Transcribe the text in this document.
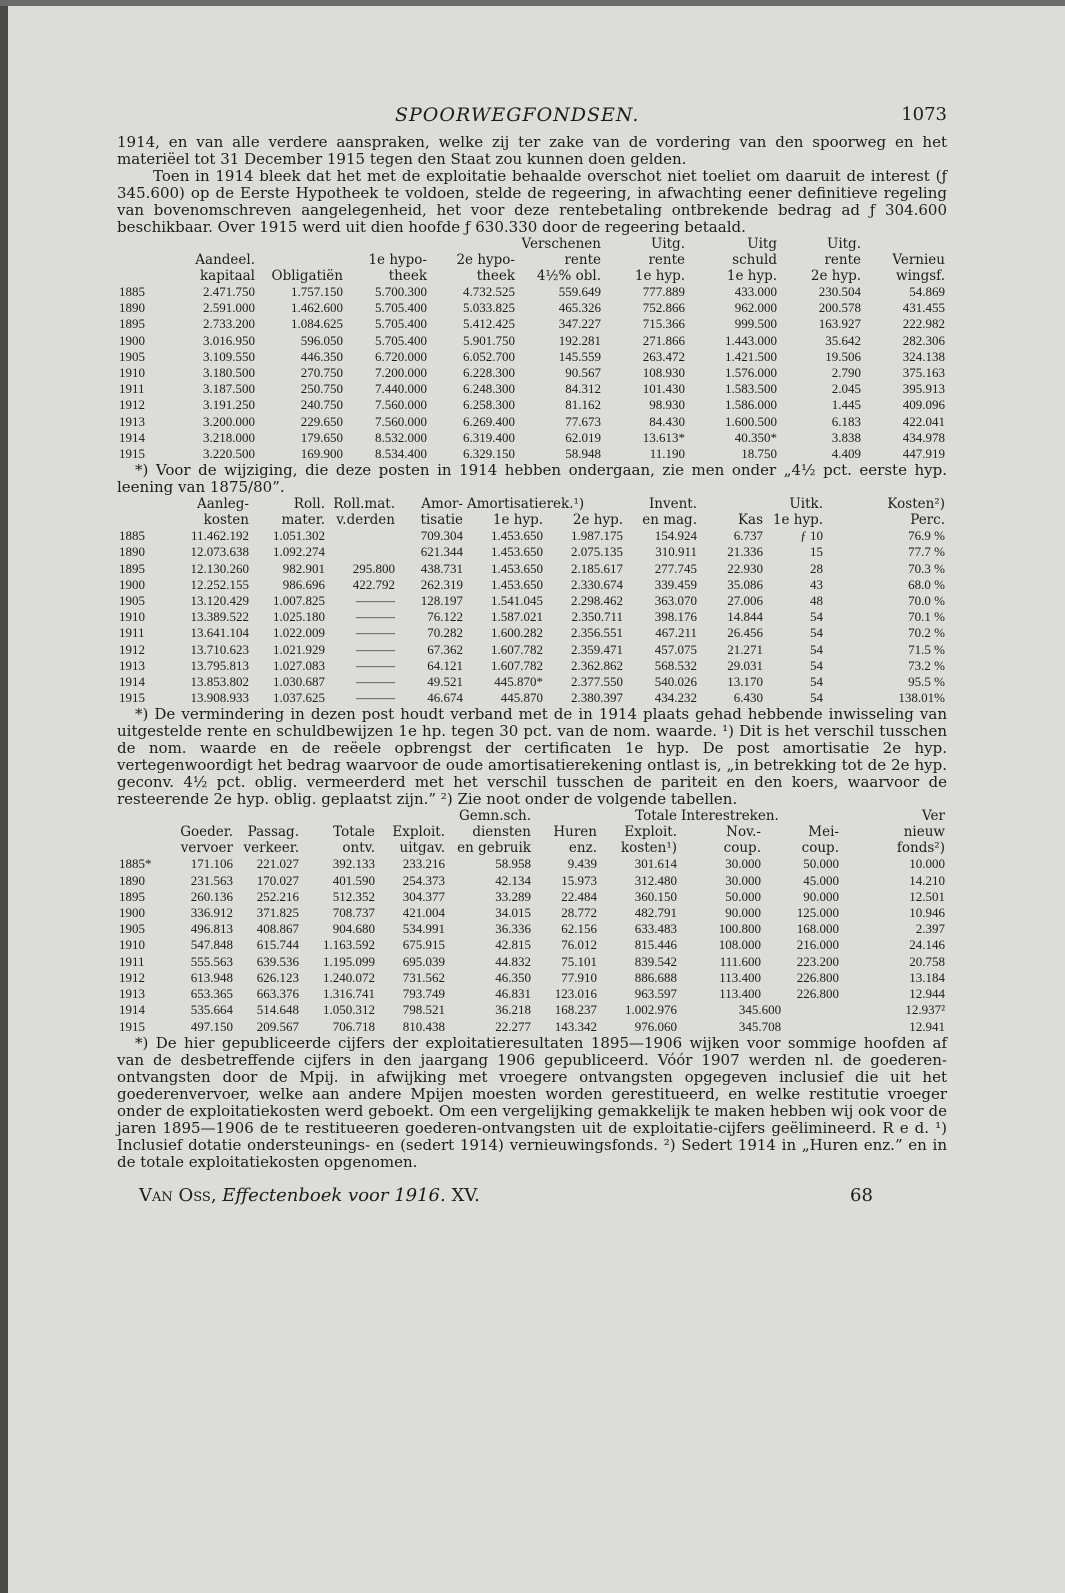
SPOORWEGFONDSEN.	1073

1914, en van alle verdere aanspraken, welke zij ter zake van de vordering van den spoorweg en het materiëel tot 31 December 1915 tegen den Staat zou kunnen doen gelden.

Toen in 1914 bleek dat het met de exploitatie behaalde overschot niet toeliet om daaruit de interest (ƒ 345.600) op de Eerste Hypotheek te voldoen, stelde de regeering, in afwachting eener definitieve regeling van bovenomschreven aangelegenheid, het voor deze rentebetaling ontbrekende bedrag ad ƒ 304.600 beschikbaar. Over 1915 werd uit dien hoofde ƒ 630.330 door de regeering betaald.

					Verschenen	Uitg.	Uitg	Uitg.	
	Aandeel.		1e hypo-	2e hypo-	rente	rente	schuld	rente	Vernieu
	kapitaal	Obligatiën	theek	theek	4½% obl.	1e hyp.	1e hyp.	2e hyp.	wingsf.
1885	2.471.750	1.757.150	5.700.300	4.732.525	559.649	777.889	433.000	230.504	54.869
1890	2.591.000	1.462.600	5.705.400	5.033.825	465.326	752.866	962.000	200.578	431.455
1895	2.733.200	1.084.625	5.705.400	5.412.425	347.227	715.366	999.500	163.927	222.982
1900	3.016.950	596.050	5.705.400	5.901.750	192.281	271.866	1.443.000	35.642	282.306
1905	3.109.550	446.350	6.720.000	6.052.700	145.559	263.472	1.421.500	19.506	324.138
1910	3.180.500	270.750	7.200.000	6.228.300	90.567	108.930	1.576.000	2.790	375.163
1911	3.187.500	250.750	7.440.000	6.248.300	84.312	101.430	1.583.500	2.045	395.913
1912	3.191.250	240.750	7.560.000	6.258.300	81.162	98.930	1.586.000	1.445	409.096
1913	3.200.000	229.650	7.560.000	6.269.400	77.673	84.430	1.600.500	6.183	422.041
1914	3.218.000	179.650	8.532.000	6.319.400	62.019	13.613*	40.350*	3.838	434.978
1915	3.220.500	169.900	8.534.400	6.329.150	58.948	11.190	18.750	4.409	447.919

*) Voor de wijziging, die deze posten in 1914 hebben ondergaan, zie men onder „4½ pct. eerste hyp. leening van 1875/80”.

	Aanleg-	Roll.	Roll.mat.	Amor-	Amortisatierek.¹)		Invent.		Uitk.	Kosten²)
	kosten	mater.	v.derden	tisatie	1e hyp.	2e hyp.	en mag.	Kas	1e hyp.	Perc.
1885	11.462.192	1.051.302		709.304	1.453.650	1.987.175	154.924	6.737	ƒ 10	76.9 %
1890	12.073.638	1.092.274		621.344	1.453.650	2.075.135	310.911	21.336	15	77.7 %
1895	12.130.260	982.901	295.800	438.731	1.453.650	2.185.617	277.745	22.930	28	70.3 %
1900	12.252.155	986.696	422.792	262.319	1.453.650	2.330.674	339.459	35.086	43	68.0 %
1905	13.120.429	1.007.825	———	128.197	1.541.045	2.298.462	363.070	27.006	48	70.0 %
1910	13.389.522	1.025.180	———	76.122	1.587.021	2.350.711	398.176	14.844	54	70.1 %
1911	13.641.104	1.022.009	———	70.282	1.600.282	2.356.551	467.211	26.456	54	70.2 %
1912	13.710.623	1.021.929	———	67.362	1.607.782	2.359.471	457.075	21.271	54	71.5 %
1913	13.795.813	1.027.083	———	64.121	1.607.782	2.362.862	568.532	29.031	54	73.2 %
1914	13.853.802	1.030.687	———	49.521	445.870*	2.377.550	540.026	13.170	54	95.5 %
1915	13.908.933	1.037.625	———	46.674	445.870	2.380.397	434.232	6.430	54	138.01%

*) De vermindering in dezen post houdt verband met de in 1914 plaats gehad hebbende inwisseling van uitgestelde rente en schuldbewijzen 1e hp. tegen 30 pct. van de nom. waarde. ¹) Dit is het verschil tusschen de nom. waarde en de reëele opbrengst der certificaten 1e hyp. De post amortisatie 2e hyp. vertegenwoordigt het bedrag waarvoor de oude amortisatierekening ontlast is, „in betrekking tot de 2e hyp. geconv. 4½ pct. oblig. vermeerderd met het verschil tusschen de pariteit en den koers, waarvoor de resteerende 2e hyp. oblig. geplaatst zijn.” ²) Zie noot onder de volgende tabellen.

					Gemn.sch.		Totale	Interestreken.		Ver
	Goeder.	Passag.	Totale	Exploit.	diensten	Huren	Exploit.	Nov.-	Mei-	nieuw
	vervoer	verkeer.	ontv.	uitgav.	en gebruik	enz.	kosten¹)	coup.	coup.	fonds²)
1885*	171.106	221.027	392.133	233.216	58.958	9.439	301.614	30.000	50.000	10.000
1890	231.563	170.027	401.590	254.373	42.134	15.973	312.480	30.000	45.000	14.210
1895	260.136	252.216	512.352	304.377	33.289	22.484	360.150	50.000	90.000	12.501
1900	336.912	371.825	708.737	421.004	34.015	28.772	482.791	90.000	125.000	10.946
1905	496.813	408.867	904.680	534.991	36.336	62.156	633.483	100.800	168.000	2.397
1910	547.848	615.744	1.163.592	675.915	42.815	76.012	815.446	108.000	216.000	24.146
1911	555.563	639.536	1.195.099	695.039	44.832	75.101	839.542	111.600	223.200	20.758
1912	613.948	626.123	1.240.072	731.562	46.350	77.910	886.688	113.400	226.800	13.184
1913	653.365	663.376	1.316.741	793.749	46.831	123.016	963.597	113.400	226.800	12.944
1914	535.664	514.648	1.050.312	798.521	36.218	168.237	1.002.976	345.600		12.937²
1915	497.150	209.567	706.718	810.438	22.277	143.342	976.060	345.708		12.941

*) De hier gepubliceerde cijfers der exploitatieresultaten 1895—1906 wijken voor sommige hoofden af van de desbetreffende cijfers in den jaargang 1906 gepubliceerd. Vóór 1907 werden nl. de goederen-ontvangsten door de Mpij. in afwijking met vroegere ontvangsten opgegeven inclusief die uit het goederenvervoer, welke aan andere Mpijen moesten worden gerestitueerd, en welke restitutie vroeger onder de exploitatiekosten werd geboekt. Om een vergelijking gemakkelijk te maken hebben wij ook voor de jaren 1895—1906 de te restitueeren goederen-ontvangsten uit de exploitatie-cijfers geëlimineerd. R e d. ¹) Inclusief dotatie ondersteunings- en (sedert 1914) vernieuwingsfonds. ²) Sedert 1914 in „Huren enz.” en in de totale exploitatiekosten opgenomen.

Van Oss, Effectenboek voor 1916. XV.	68
